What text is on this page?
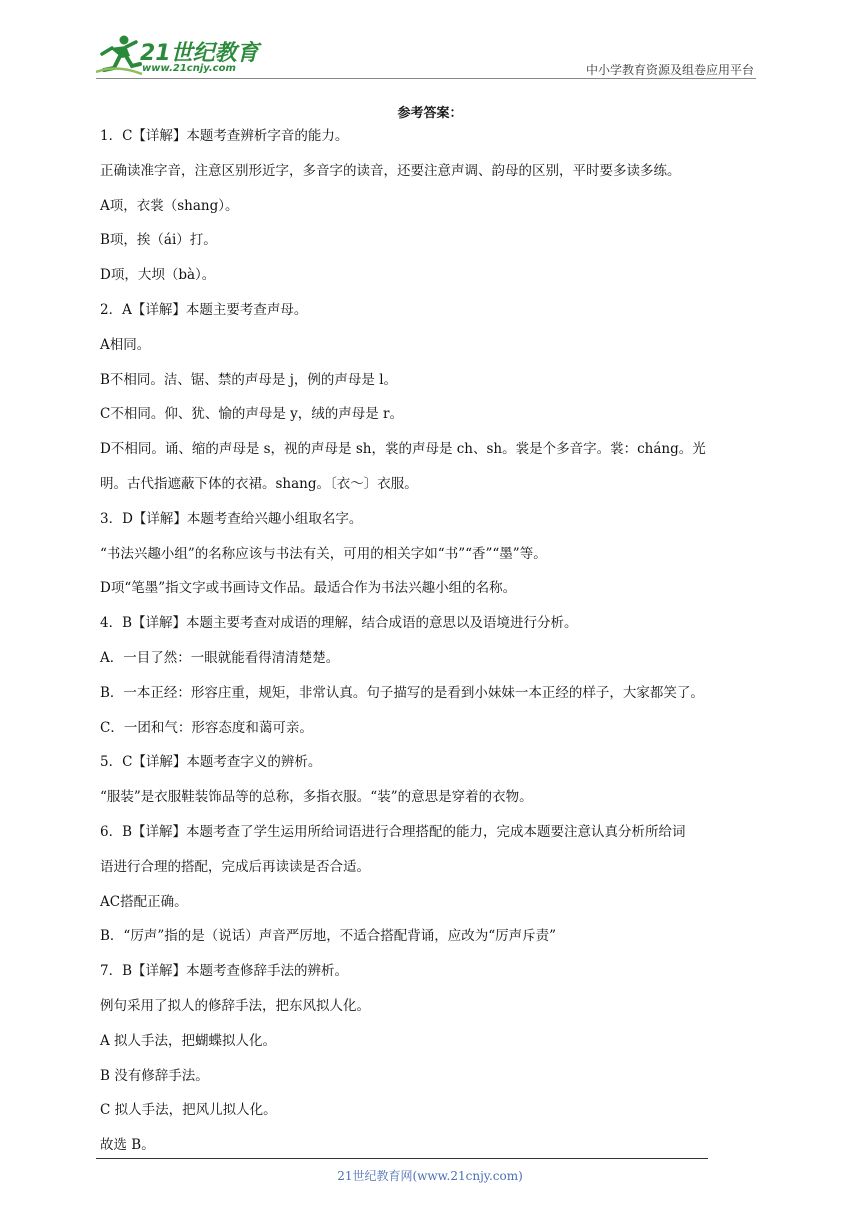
21世纪教育
www.21cnjy.com	中小学教育资源及组卷应用平台
参考答案：
1．C【详解】本题考查辨析字音的能力。
正确读准字音，注意区别形近字，多音字的读音，还要注意声调、韵母的区别，平时要多读多练。
A项，衣裳（shang）。
B项，挨（ái）打。
D项，大坝（bà）。
2．A【详解】本题主要考查声母。
A相同。
B不相同。洁、锯、禁的声母是 j，例的声母是 l。
C不相同。仰、犹、愉的声母是 y，绒的声母是 r。
D不相同。诵、缩的声母是 s，视的声母是 sh，裳的声母是 ch、sh。裳是个多音字。裳：cháng。光
明。古代指遮蔽下体的衣裙。shang。〔衣～〕衣服。
3．D【详解】本题考查给兴趣小组取名字。
“书法兴趣小组”的名称应该与书法有关，可用的相关字如“书”“香”“墨”等。
D项“笔墨”指文字或书画诗文作品。最适合作为书法兴趣小组的名称。
4．B【详解】本题主要考查对成语的理解，结合成语的意思以及语境进行分析。
A．一目了然：一眼就能看得清清楚楚。
B．一本正经：形容庄重，规矩，非常认真。句子描写的是看到小妹妹一本正经的样子，大家都笑了。
C．一团和气：形容态度和蔼可亲。
5．C【详解】本题考查字义的辨析。
“服装”是衣服鞋装饰品等的总称，多指衣服。“装”的意思是穿着的衣物。
6．B【详解】本题考查了学生运用所给词语进行合理搭配的能力，完成本题要注意认真分析所给词
语进行合理的搭配，完成后再读读是否合适。
AC搭配正确。
B．“厉声”指的是（说话）声音严厉地，不适合搭配背诵，应改为“厉声斥责”
7．B【详解】本题考查修辞手法的辨析。
例句采用了拟人的修辞手法，把东风拟人化。
A 拟人手法，把蝴蝶拟人化。
B 没有修辞手法。
C 拟人手法，把风儿拟人化。
故选 B。
21世纪教育网(www.21cnjy.com)
